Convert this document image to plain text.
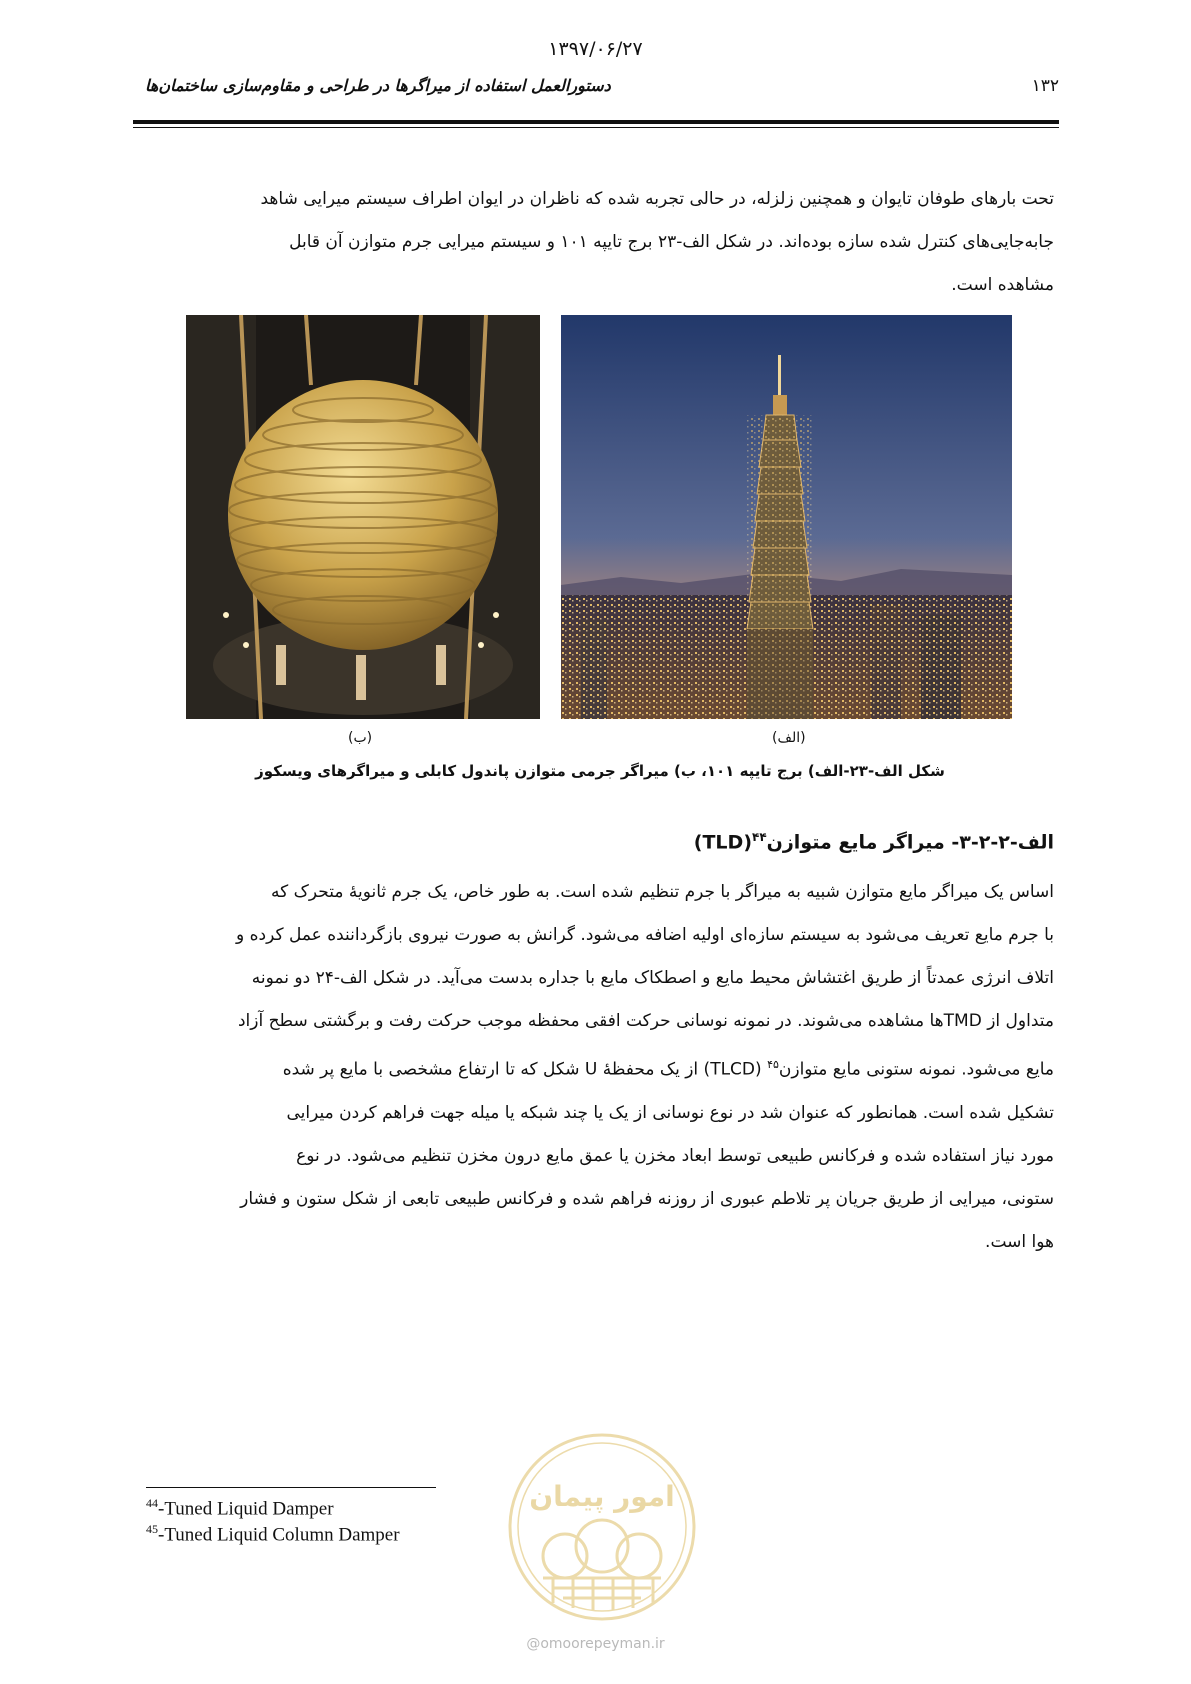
۱۳۹۷/۰۶/۲۷
دستورالعمل استفاده از میراگرها در طراحی و مقاوم‌سازی ساختمان‌ها	۱۳۲
تحت بارهای طوفان تایوان و همچنین زلزله، در حالی تجربه شده که ناظران در ایوان اطراف سیستم میرایی شاهد
جابه‌جایی‌های کنترل شده سازه بوده‌اند. در شکل الف-۲۳ برج تایپه ۱۰۱ و سیستم میرایی جرم متوازن آن قابل
مشاهده است.
(الف)
(ب)
شکل الف-۲۳-الف) برج تایپه ۱۰۱، ب) میراگر جرمی متوازن پاندول کابلی و میراگرهای ویسکوز
الف-۲-۲-۳- میراگر مایع متوازن$^{۴۴}$(TLD)
اساس یک میراگر مایع متوازن شبیه به میراگر با جرم تنظیم شده است. به طور خاص، یک جرم ثانویهٔ متحرک که
با جرم مایع تعریف می‌شود به سیستم سازه‌ای اولیه اضافه می‌شود. گرانش به صورت نیروی بازگرداننده عمل کرده و
اتلاف انرژی عمدتاً از طریق اغتشاش محیط مایع و اصطکاک مایع با جداره بدست می‌آید. در شکل الف-۲۴ دو نمونه
متداول از TMDها مشاهده می‌شوند. در نمونه نوسانی حرکت افقی محفظه موجب حرکت رفت و برگشتی سطح آزاد
مایع می‌شود. نمونه ستونی مایع متوازن$^{۴۵}$ (TLCD) از یک محفظهٔ U شکل که تا ارتفاع مشخصی با مایع پر شده
تشکیل شده است. همانطور که عنوان شد در نوع نوسانی از یک یا چند شبکه یا میله جهت فراهم کردن میرایی
مورد نیاز استفاده شده و فرکانس طبیعی توسط ابعاد مخزن یا عمق مایع درون مخزن تنظیم می‌شود. در نوع
ستونی، میرایی از طریق جریان پر تلاطم عبوری از روزنه فراهم شده و فرکانس طبیعی تابعی از شکل ستون و فشار
هوا است.
$^{44}$-Tuned Liquid Damper
$^{45}$-Tuned Liquid Column Damper
امور پیمان
@omoorepeyman.ir
